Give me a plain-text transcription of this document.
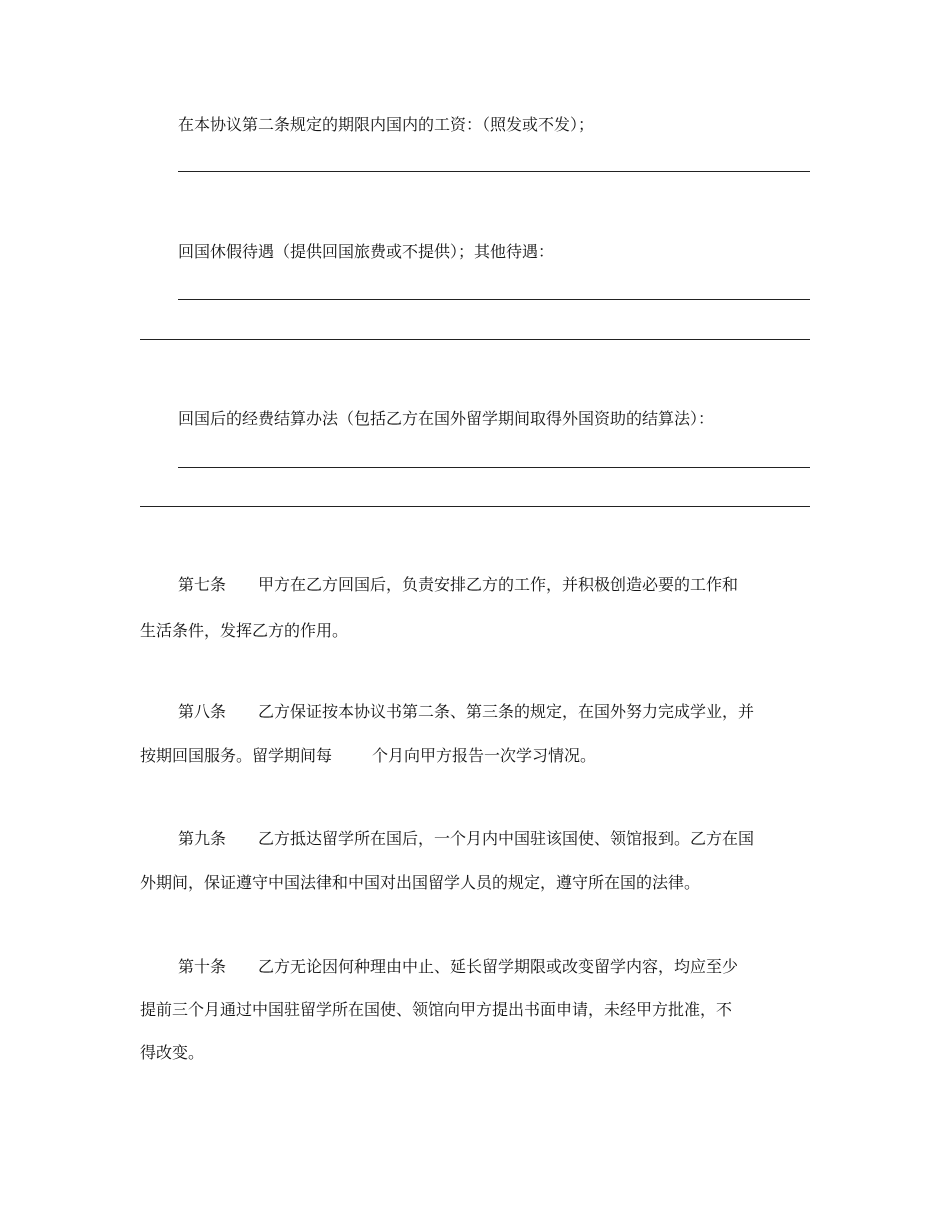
在本协议第二条规定的期限内国内的工资：（照发或不发）；
回国休假待遇（提供回国旅费或不提供）；其他待遇：
回国后的经费结算办法（包括乙方在国外留学期间取得外国资助的结算法）：
第七条 甲方在乙方回国后，负责安排乙方的工作，并积极创造必要的工作和
生活条件，发挥乙方的作用。
第八条 乙方保证按本协议书第二条、第三条的规定，在国外努力完成学业，并
按期回国服务。留学期间每	个月向甲方报告一次学习情况。
第九条 乙方抵达留学所在国后，一个月内中国驻该国使、领馆报到。乙方在国
外期间，保证遵守中国法律和中国对出国留学人员的规定，遵守所在国的法律。
第十条 乙方无论因何种理由中止、延长留学期限或改变留学内容，均应至少
提前三个月通过中国驻留学所在国使、领馆向甲方提出书面申请，未经甲方批准，不
得改变。
